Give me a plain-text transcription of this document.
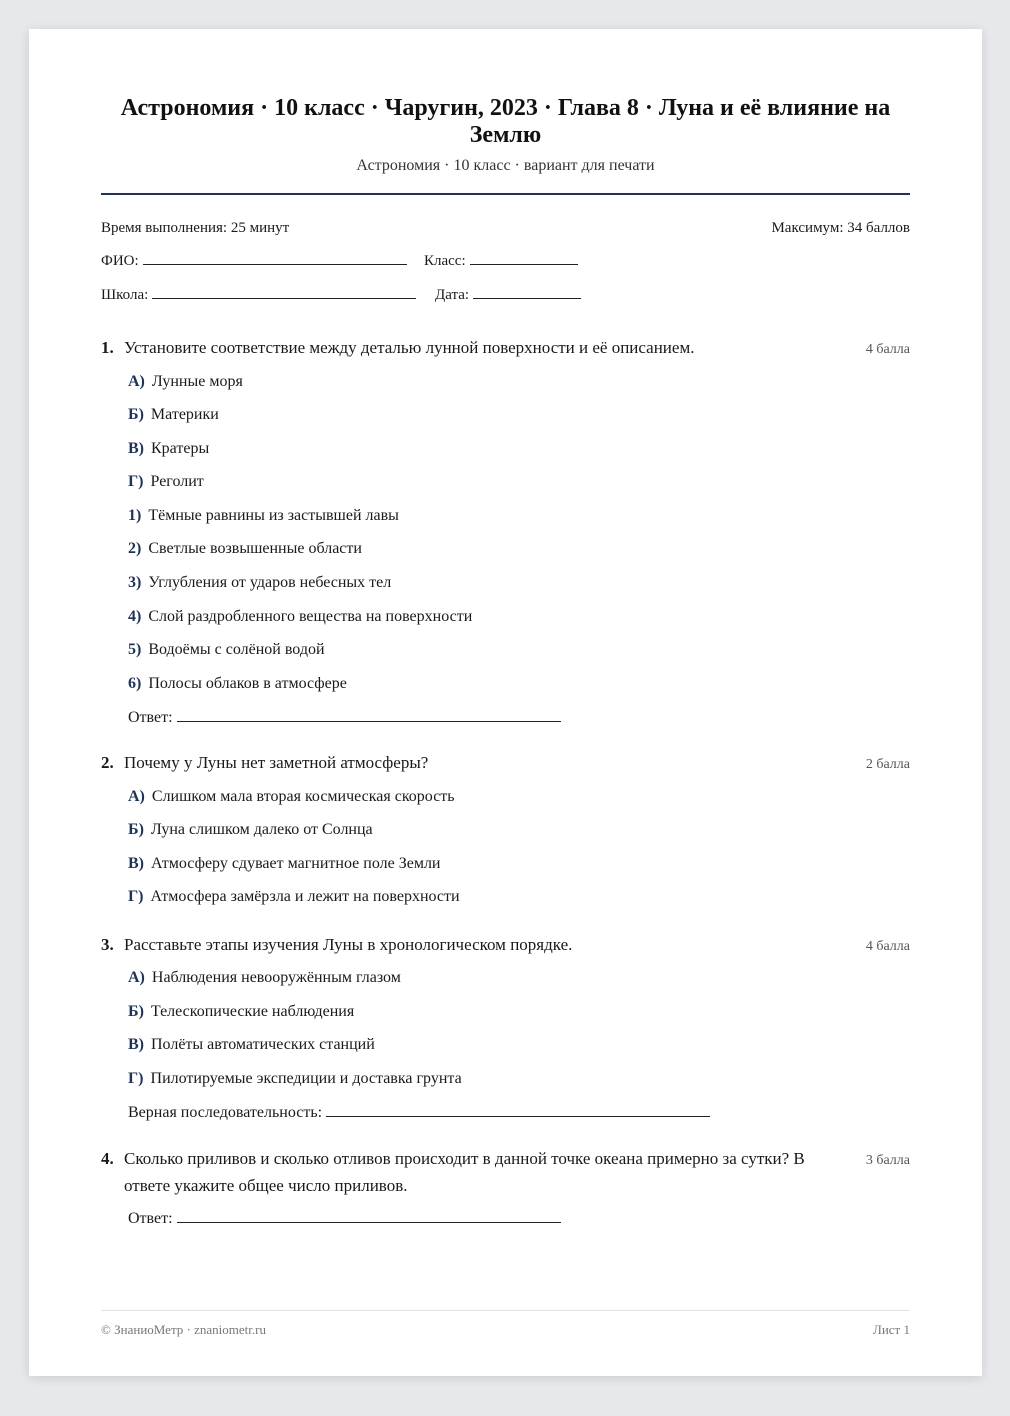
Астрономия · 10 класс · Чаругин, 2023 · Глава 8 · Луна и её влияние на Землю
Астрономия · 10 класс · вариант для печати
Время выполнения: 25 минут	Максимум: 34 баллов
ФИО:	Класс:
Школа:	Дата:
1. Установите соответствие между деталью лунной поверхности и её описанием.	4 балла
А) Лунные моря
Б) Материки
В) Кратеры
Г) Реголит
1) Тёмные равнины из застывшей лавы
2) Светлые возвышенные области
3) Углубления от ударов небесных тел
4) Слой раздробленного вещества на поверхности
5) Водоёмы с солёной водой
6) Полосы облаков в атмосфере
Ответ:
2. Почему у Луны нет заметной атмосферы?	2 балла
А) Слишком мала вторая космическая скорость
Б) Луна слишком далеко от Солнца
В) Атмосферу сдувает магнитное поле Земли
Г) Атмосфера замёрзла и лежит на поверхности
3. Расставьте этапы изучения Луны в хронологическом порядке.	4 балла
А) Наблюдения невооружённым глазом
Б) Телескопические наблюдения
В) Полёты автоматических станций
Г) Пилотируемые экспедиции и доставка грунта
Верная последовательность:
4. Сколько приливов и сколько отливов происходит в данной точке океана примерно за сутки? В ответе укажите общее число приливов.
3 балла
Ответ:
© ЗнаниоМетр · znaniometr.ru	Лист 1
